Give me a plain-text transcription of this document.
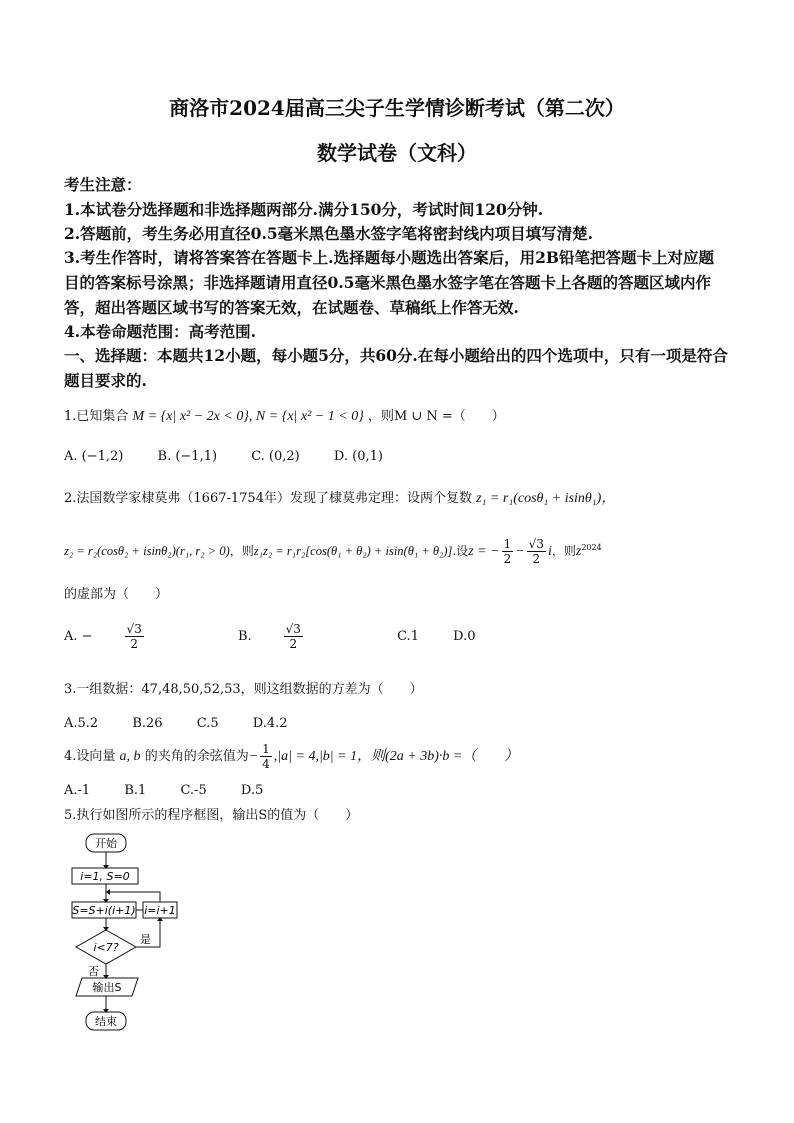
商洛市2024届高三尖子生学情诊断考试（第二次）
数学试卷（文科）
考生注意：
1.本试卷分选择题和非选择题两部分.满分150分，考试时间120分钟.
2.答题前，考生务必用直径0.5毫米黑色墨水签字笔将密封线内项目填写清楚.
3.考生作答时，请将答案答在答题卡上.选择题每小题选出答案后，用2B铅笔把答题卡上对应题目的答案标号涂黑；非选择题请用直径0.5毫米黑色墨水签字笔在答题卡上各题的答题区域内作答，超出答题区域书写的答案无效，在试题卷、草稿纸上作答无效.
4.本卷命题范围：高考范围.
一、选择题：本题共12小题，每小题5分，共60分.在每小题给出的四个选项中，只有一项是符合题目要求的.
1.已知集合 M = {x| x² − 2x < 0}, N = {x| x² − 1 < 0} ，则M ∪ N =（　　）
A. (−1,2)	B. (−1,1)	C. (0,2)	D. (0,1)
2.法国数学家棣莫弗（1667-1754年）发现了棣莫弗定理：设两个复数 z₁ = r₁(cosθ₁ + isinθ₁)，
z₂ = r₂(cosθ₂ + isinθ₂)(r₁, r₂ > 0)，则z₁z₂ = r₁r₂[cos(θ₁ + θ₂) + isin(θ₁ + θ₂)].设z = − $\frac{1}{2} - \frac{√3}{2}$ i，则$z^{2024}$
的虚部为（　　）
A. −	$\frac{√3}{2}$	B.	$\frac{√3}{2}$	C.1	D.0
3.一组数据：47,48,50,52,53，则这组数据的方差为（　　）
A.5.2	B.26	C.5	D.4.2
4.设向量 a, b 的夹角的余弦值为− $\frac{1}{4} ,|a| = 4,|b| = 1$，则(2a + 3b)·b =（　　）
A.-1	B.1	C.-5	D.5
5.执行如图所示的程序框图，输出S的值为（　　）
开始
i=1, S=0
S=S+i(i+1) i=i+1
i<7?
是
否
输出S
结束
